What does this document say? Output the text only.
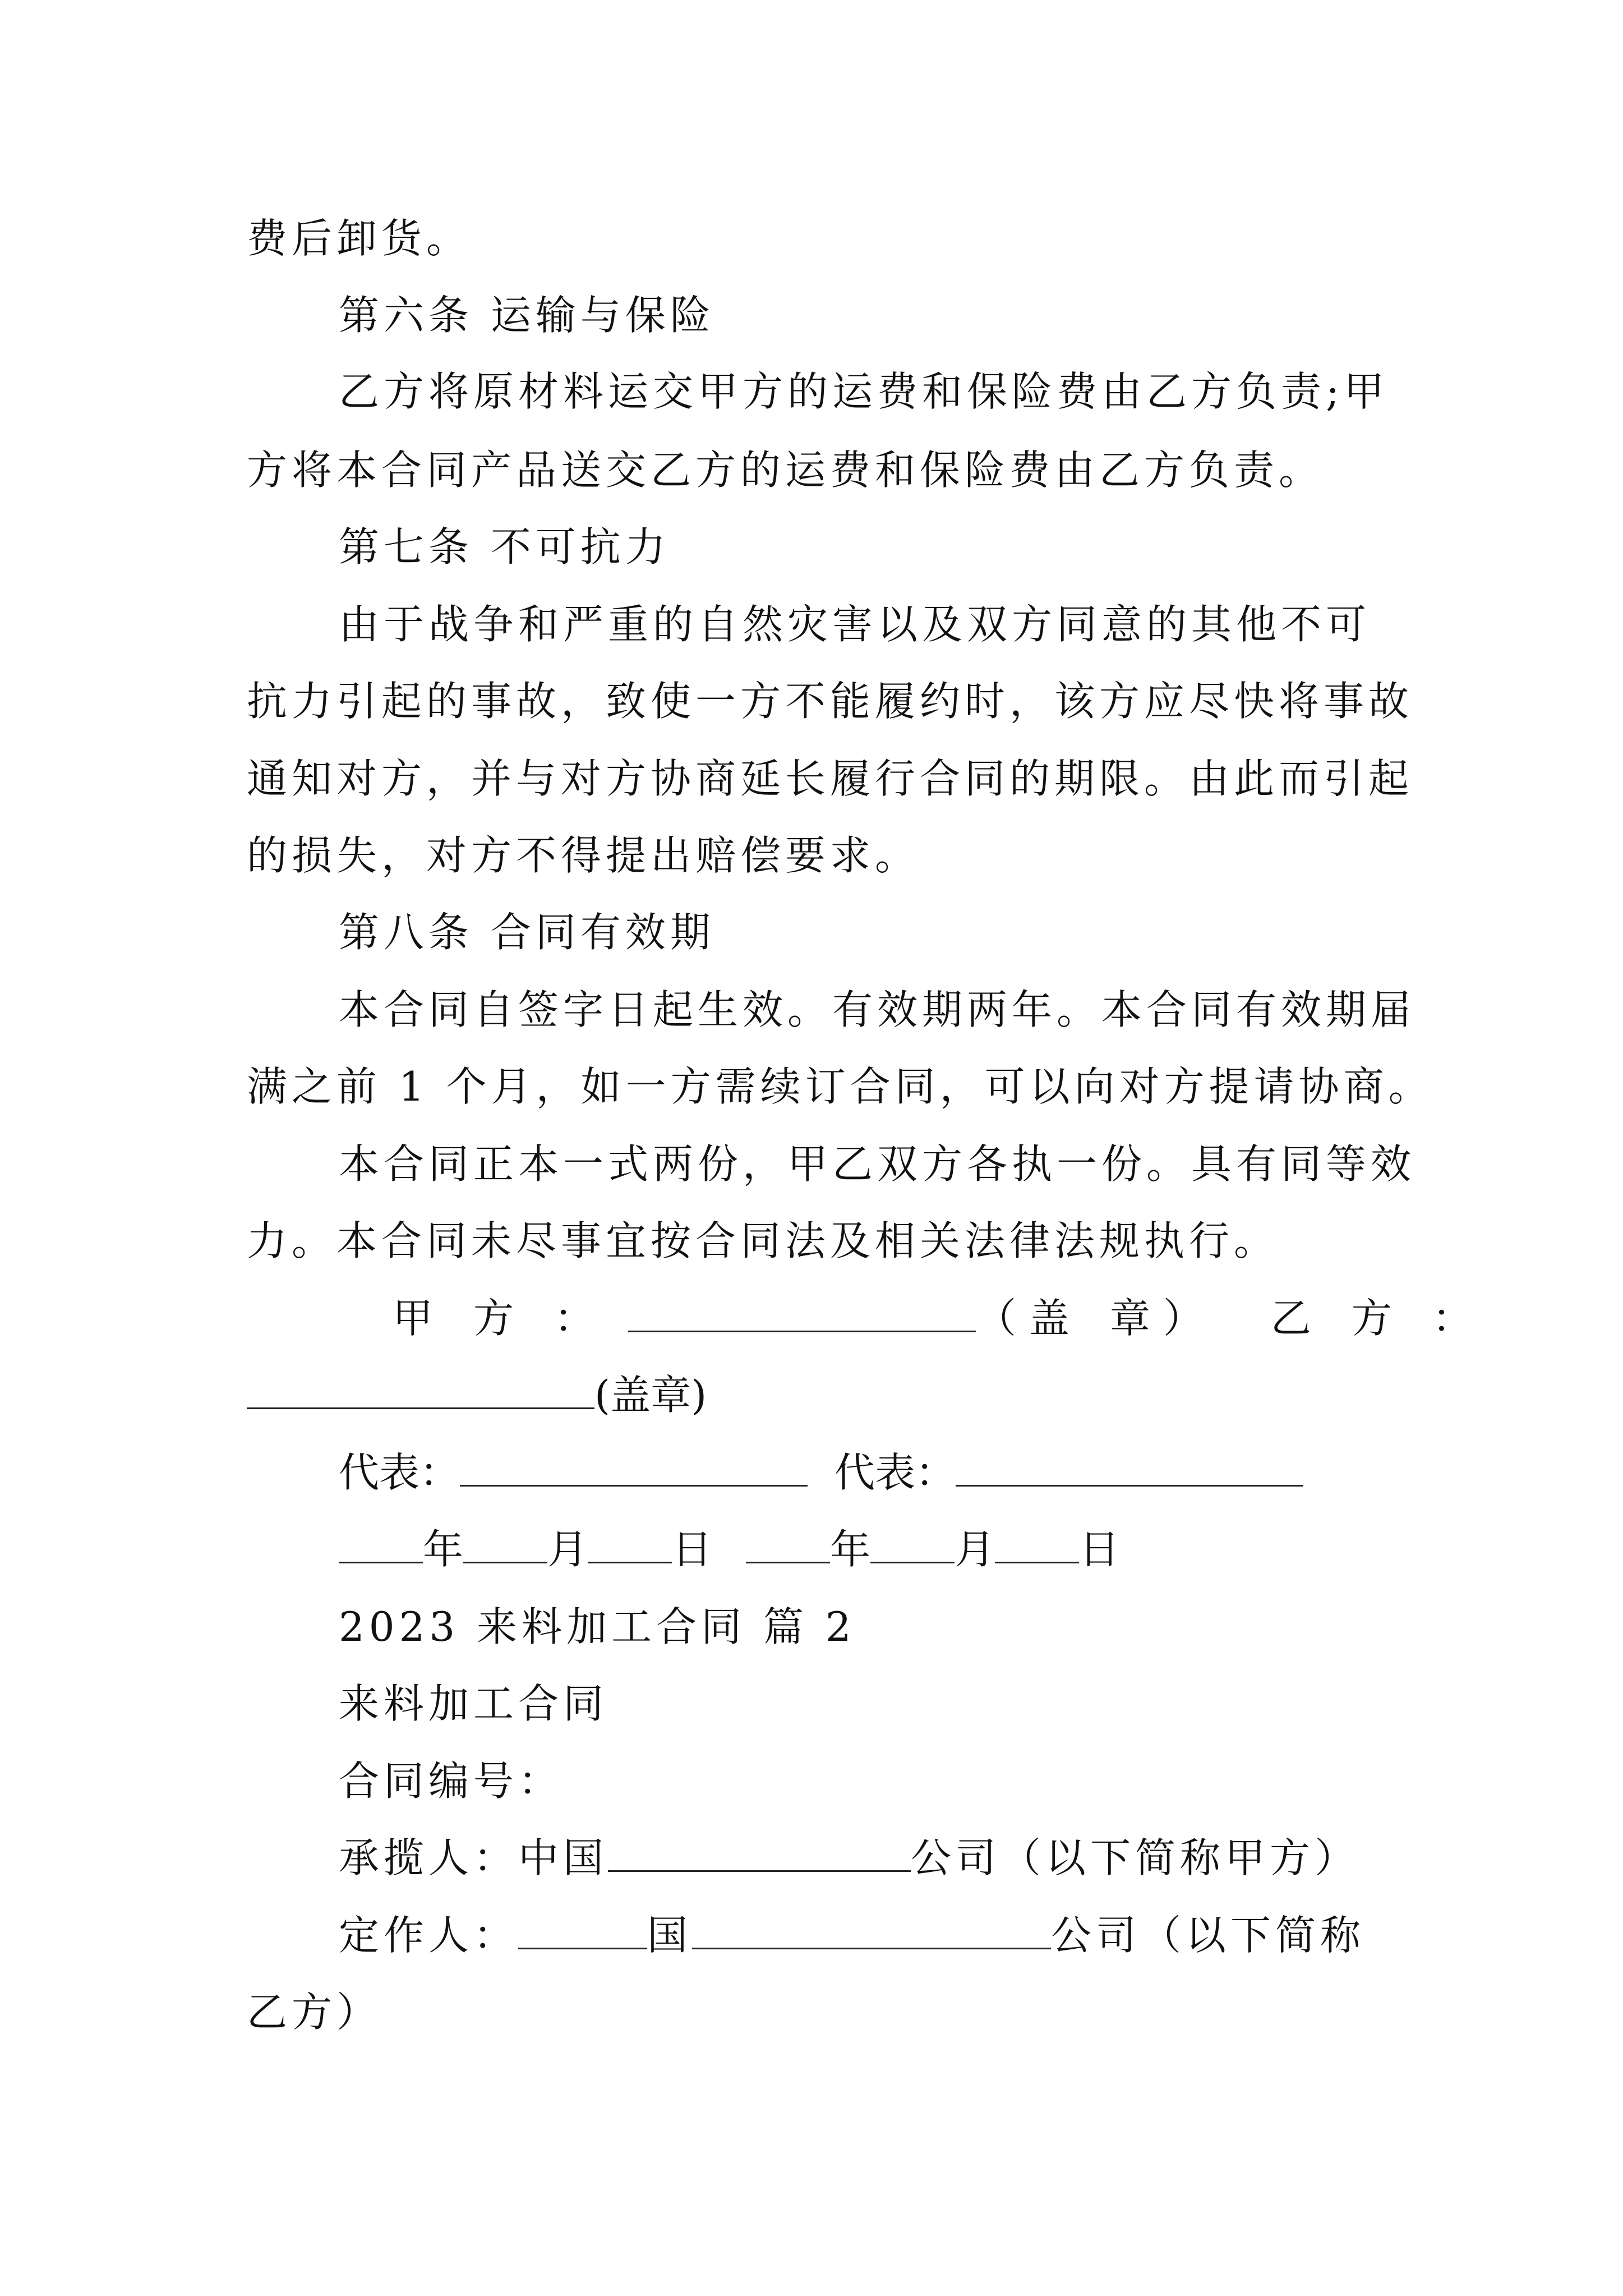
费后卸货。
第六条 运输与保险
乙方将原材料运交甲方的运费和保险费由乙方负责;甲
方将本合同产品送交乙方的运费和保险费由乙方负责。
第七条 不可抗力
由于战争和严重的自然灾害以及双方同意的其他不可
抗力引起的事故，致使一方不能履约时，该方应尽快将事故
通知对方，并与对方协商延长履行合同的期限。由此而引起
的损失，对方不得提出赔偿要求。
第八条 合同有效期
本合同自签字日起生效。有效期两年。本合同有效期届
满之前 1 个月，如一方需续订合同，可以向对方提请协商。
本合同正本一式两份，甲乙双方各执一份。具有同等效
力。本合同未尽事宜按合同法及相关法律法规执行。
甲　方　：	（ 盖　章 ） 乙　方　：
(盖章)
代表：	代表：
年 月 日	年 月 日
2023 来料加工合同 篇 2
来料加工合同
合同编号：
承揽人：中国	公司（以下简称甲方）
定作人：	国	公司（以下简称
乙方）
